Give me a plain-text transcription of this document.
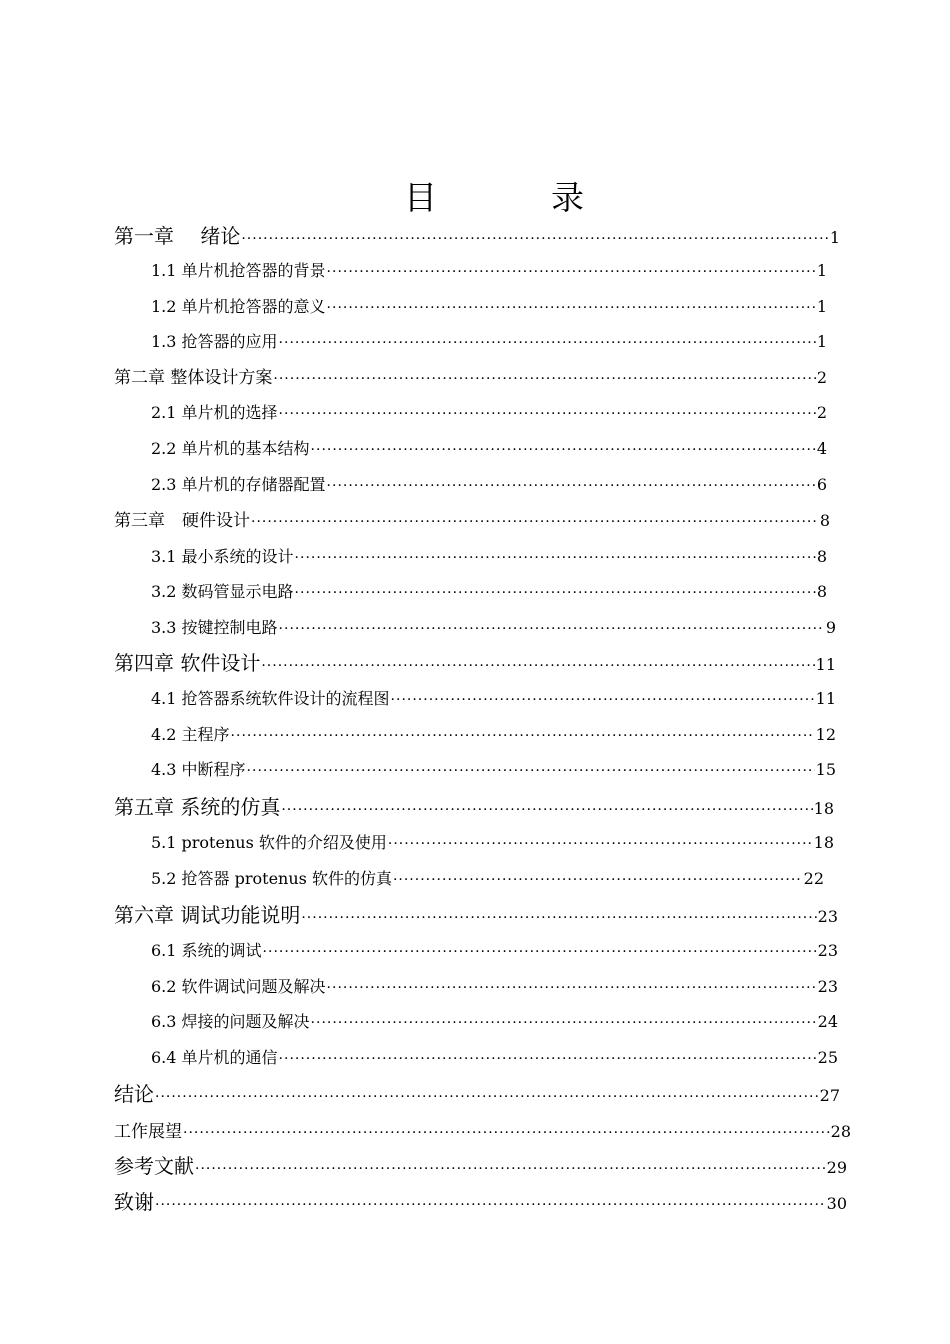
目	录
第一章　 绪论 ·····	1
1.1 单片机抢答器的背景 ·····	1
1.2 单片机抢答器的意义 ·····	1
1.3 抢答器的应用 ·····	1
第二章 整体设计方案 ·····	2
2.1 单片机的选择 ·····	2
2.2 单片机的基本结构 ·····	4
2.3 单片机的存储器配置 ·····	6
第三章　硬件设计 ·····	8
3.1 最小系统的设计 ·····	8
3.2 数码管显示电路 ·····	8
3.3 按键控制电路 ·····	9
第四章 软件设计 ·····	11
4.1 抢答器系统软件设计的流程图 ·····	11
4.2 主程序 ·····	12
4.3 中断程序 ·····	15
第五章 系统的仿真 ·····	18
5.1 protenus 软件的介绍及使用 ·····	18
5.2 抢答器 protenus 软件的仿真 ·····	22
第六章 调试功能说明 ·····	23
6.1 系统的调试 ·····	23
6.2 软件调试问题及解决 ·····	23
6.3 焊接的问题及解决 ·····	24
6.4 单片机的通信 ·····	25
结论 ·····	27
工作展望 ·····	28
参考文献 ·····	29
致谢 ·····	30
